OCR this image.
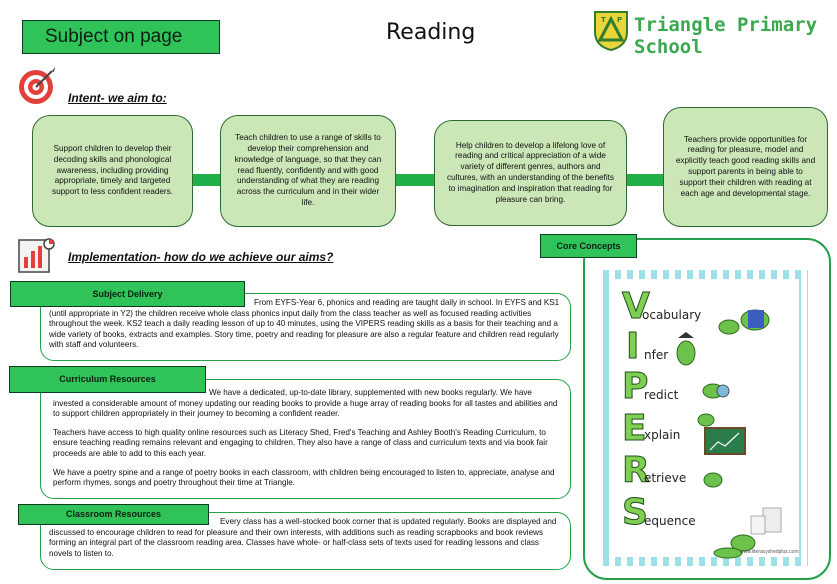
Subject on page	Reading	T P Triangle Primary School
Intent- we aim to:
Support children to develop their decoding skills and phonological awareness, including providing appropriate, timely and targeted support to less confident readers.
Teach children to use a range of skills to develop their comprehension and knowledge of language, so that they can read fluently, confidently and with good understanding of what they are reading across the curriculum and in their wider life.
Help children to develop a lifelong love of reading and critical appreciation of a wide variety of different genres, authors and cultures, with an understanding of the benefits to imagination and inspiration that reading for pleasure can bring.
Teachers provide opportunities for reading for pleasure, model and explicitly teach good reading skills and support parents in being able to support their children with reading at each age and developmental stage.
Implementation- how do we achieve our aims?
From EYFS-Year 6, phonics and reading are taught daily in school. In EYFS and KS1 (until appropriate in Y2) the children receive whole class phonics input daily from the class teacher as well as focused reading activities throughout the week. KS2 teach a daily reading lesson of up to 40 minutes, using the VIPERS reading skills as a basis for their teaching and a wide variety of books, extracts and examples. Story time, poetry and reading for pleasure are also a regular feature and children read regularly with staff and volunteers.
Subject Delivery
We have a dedicated, up-to-date library, supplemented with new books regularly. We have invested a considerable amount of money updating our reading books to provide a huge array of reading books for all tastes and abilities and to support children appropriately in their journey to becoming a confident reader.
Teachers have access to high quality online resources such as Literacy Shed, Fred's Teaching and Ashley Booth's Reading Curriculum, to ensure teaching reading remains relevant and engaging to children. They also have a range of class and curriculum texts and via book fair proceeds are able to add to this each year.
We have a poetry spine and a range of poetry books in each classroom, with children being encouraged to listen to, appreciate, analyse and perform rhymes, songs and poetry throughout their time at Triangle.
Curriculum Resources
Every class has a well-stocked book corner that is updated regularly. Books are displayed and discussed to encourage children to read for pleasure and their own interests, with additions such as reading scrapbooks and book reviews forming an integral part of the classroom reading area. Classes have whole- or half-class sets of texts used for reading lessons and class novels to listen to.
Classroom Resources
Core Concepts
V
ocabulary
I nfer
P
redict
E
xplain
R
etrieve
S
equence
www.literacyshedplus.com
